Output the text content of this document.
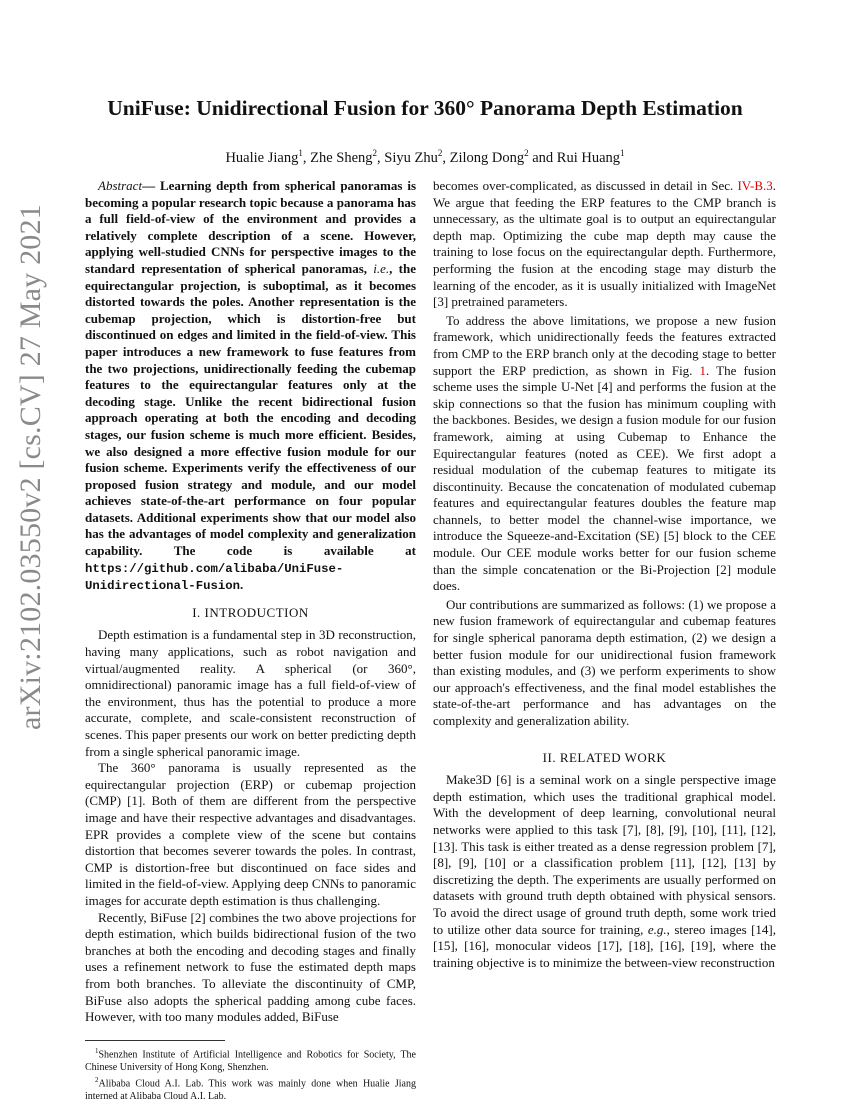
UniFuse: Unidirectional Fusion for 360° Panorama Depth Estimation
Hualie Jiang$^1$, Zhe Sheng$^2$, Siyu Zhu$^2$, Zilong Dong$^2$ and Rui Huang$^1$
arXiv:2102.03550v2 [cs.CV] 27 May 2021

Abstract— Learning depth from spherical panoramas is becoming a popular research topic because a panorama has a full field-of-view of the environment and provides a relatively complete description of a scene. However, applying well-studied CNNs for perspective images to the standard representation of spherical panoramas, i.e., the equirectangular projection, is suboptimal, as it becomes distorted towards the poles. Another representation is the cubemap projection, which is distortion-free but discontinued on edges and limited in the field-of-view. This paper introduces a new framework to fuse features from the two projections, unidirectionally feeding the cubemap features to the equirectangular features only at the decoding stage. Unlike the recent bidirectional fusion approach operating at both the encoding and decoding stages, our fusion scheme is much more efficient. Besides, we also designed a more effective fusion module for our fusion scheme. Experiments verify the effectiveness of our proposed fusion strategy and module, and our model achieves state-of-the-art performance on four popular datasets. Additional experiments show that our model also has the advantages of model complexity and generalization capability. The code is available at https://github.com/alibaba/UniFuse-Unidirectional-Fusion.

I. INTRODUCTION

Depth estimation is a fundamental step in 3D reconstruction, having many applications, such as robot navigation and virtual/augmented reality. A spherical (or 360°, omnidirectional) panoramic image has a full field-of-view of the environment, thus has the potential to produce a more accurate, complete, and scale-consistent reconstruction of scenes. This paper presents our work on better predicting depth from a single spherical panoramic image.

The 360° panorama is usually represented as the equirectangular projection (ERP) or cubemap projection (CMP) [1]. Both of them are different from the perspective image and have their respective advantages and disadvantages. EPR provides a complete view of the scene but contains distortion that becomes severer towards the poles. In contrast, CMP is distortion-free but discontinued on face sides and limited in the field-of-view. Applying deep CNNs to panoramic images for accurate depth estimation is thus challenging.

Recently, BiFuse [2] combines the two above projections for depth estimation, which builds bidirectional fusion of the two branches at both the encoding and decoding stages and finally uses a refinement network to fuse the estimated depth maps from both branches. To alleviate the discontinuity of CMP, BiFuse also adopts the spherical padding among cube faces. However, with too many modules added, BiFuse

$^1$Shenzhen Institute of Artificial Intelligence and Robotics for Society, The Chinese University of Hong Kong, Shenzhen.

$^2$Alibaba Cloud A.I. Lab. This work was mainly done when Hualie Jiang interned at Alibaba Cloud A.I. Lab.

becomes over-complicated, as discussed in detail in Sec. IV-B.3. We argue that feeding the ERP features to the CMP branch is unnecessary, as the ultimate goal is to output an equirectangular depth map. Optimizing the cube map depth may cause the training to lose focus on the equirectangular depth. Furthermore, performing the fusion at the encoding stage may disturb the learning of the encoder, as it is usually initialized with ImageNet [3] pretrained parameters.

To address the above limitations, we propose a new fusion framework, which unidirectionally feeds the features extracted from CMP to the ERP branch only at the decoding stage to better support the ERP prediction, as shown in Fig. 1. The fusion scheme uses the simple U-Net [4] and performs the fusion at the skip connections so that the fusion has minimum coupling with the backbones. Besides, we design a fusion module for our fusion framework, aiming at using Cubemap to Enhance the Equirectangular features (noted as CEE). We first adopt a residual modulation of the cubemap features to mitigate its discontinuity. Because the concatenation of modulated cubemap features and equirectangular features doubles the feature map channels, to better model the channel-wise importance, we introduce the Squeeze-and-Excitation (SE) [5] block to the CEE module. Our CEE module works better for our fusion scheme than the simple concatenation or the Bi-Projection [2] module does.

Our contributions are summarized as follows: (1) we propose a new fusion framework of equirectangular and cubemap features for single spherical panorama depth estimation, (2) we design a better fusion module for our unidirectional fusion framework than existing modules, and (3) we perform experiments to show our approach's effectiveness, and the final model establishes the state-of-the-art performance and has advantages on the complexity and generalization ability.

II. RELATED WORK

Make3D [6] is a seminal work on a single perspective image depth estimation, which uses the traditional graphical model. With the development of deep learning, convolutional neural networks were applied to this task [7], [8], [9], [10], [11], [12], [13]. This task is either treated as a dense regression problem [7], [8], [9], [10] or a classification problem [11], [12], [13] by discretizing the depth. The experiments are usually performed on datasets with ground truth depth obtained with physical sensors. To avoid the direct usage of ground truth depth, some work tried to utilize other data source for training, e.g., stereo images [14], [15], [16], monocular videos [17], [18], [16], [19], where the training objective is to minimize the between-view reconstruction
